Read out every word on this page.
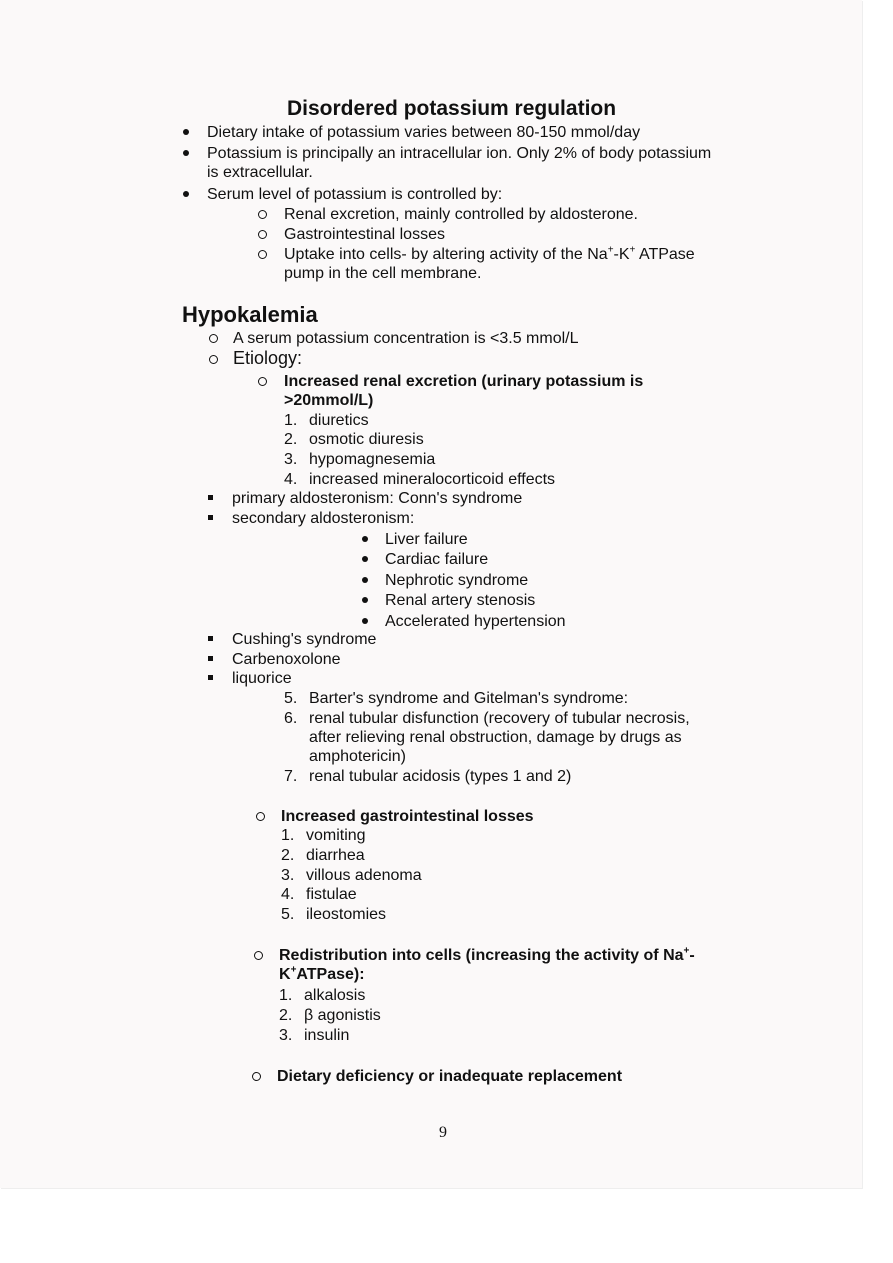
Disordered potassium regulation
Dietary intake of potassium varies between 80-150 mmol/day
Potassium is principally an intracellular ion. Only 2% of body potassium
is extracellular.
Serum level of potassium is controlled by:
Renal excretion, mainly controlled by aldosterone.
Gastrointestinal losses
Uptake into cells- by altering activity of the Na+-K+ ATPase
pump in the cell membrane.
Hypokalemia
A serum potassium concentration is <3.5 mmol/L
Etiology:
Increased renal excretion (urinary potassium is
>20mmol/L)
1. diuretics
2. osmotic diuresis
3. hypomagnesemia
4. increased mineralocorticoid effects
primary aldosteronism: Conn's syndrome
secondary aldosteronism:
Liver failure
Cardiac failure
Nephrotic syndrome
Renal artery stenosis
Accelerated hypertension
Cushing's syndrome
Carbenoxolone
liquorice
5. Barter's syndrome and Gitelman's syndrome:
6. renal tubular disfunction (recovery of tubular necrosis,
after relieving renal obstruction, damage by drugs as
amphotericin)
7. renal tubular acidosis (types 1 and 2)
Increased gastrointestinal losses
1. vomiting
2. diarrhea
3. villous adenoma
4. fistulae
5. ileostomies
Redistribution into cells (increasing the activity of Na+-
K+ATPase):
1. alkalosis
2. β agonistis
3. insulin
Dietary deficiency or inadequate replacement
9
